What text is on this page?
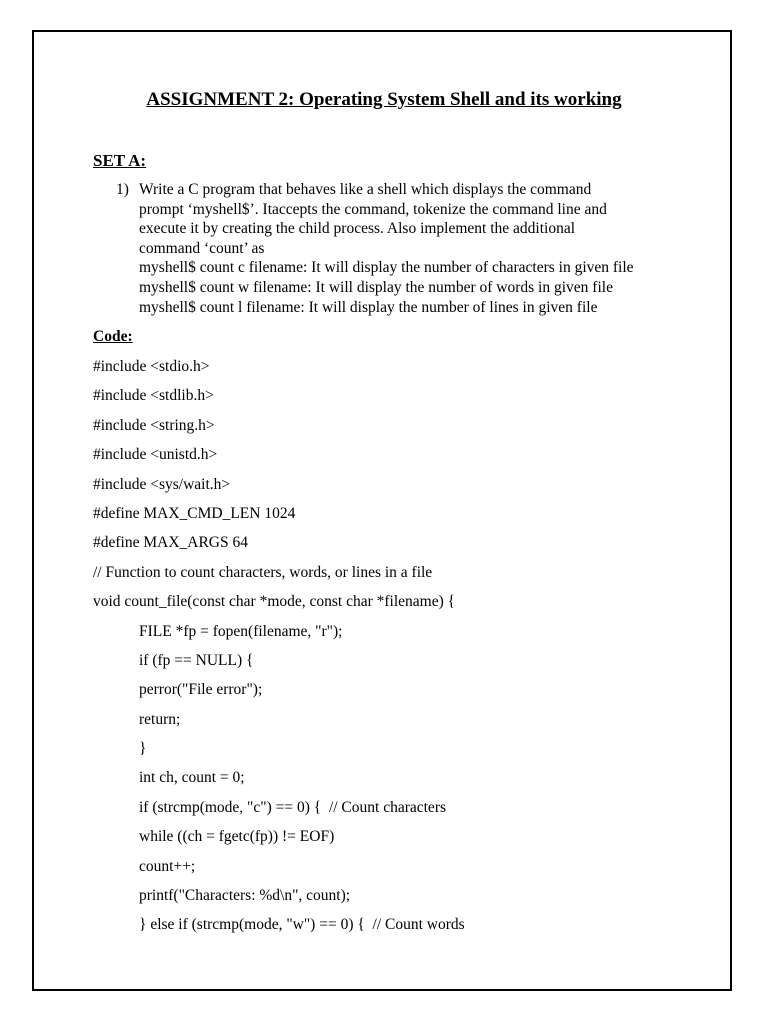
ASSIGNMENT 2: Operating System Shell and its working
SET A:
1) Write a C program that behaves like a shell which displays the command
prompt ‘myshell$’. Itaccepts the command, tokenize the command line and
execute it by creating the child process. Also implement the additional
command ‘count’ as
myshell$ count c filename: It will display the number of characters in given file
myshell$ count w filename: It will display the number of words in given file
myshell$ count l filename: It will display the number of lines in given file
Code:
#include <stdio.h>
#include <stdlib.h>
#include <string.h>
#include <unistd.h>
#include <sys/wait.h>
#define MAX_CMD_LEN 1024
#define MAX_ARGS 64
// Function to count characters, words, or lines in a file
void count_file(const char *mode, const char *filename) {
FILE *fp = fopen(filename, "r");
if (fp == NULL) {
perror("File error");
return;
}
int ch, count = 0;
if (strcmp(mode, "c") == 0) {  // Count characters
while ((ch = fgetc(fp)) != EOF)
count++;
printf("Characters: %d\n", count);
} else if (strcmp(mode, "w") == 0) {  // Count words
